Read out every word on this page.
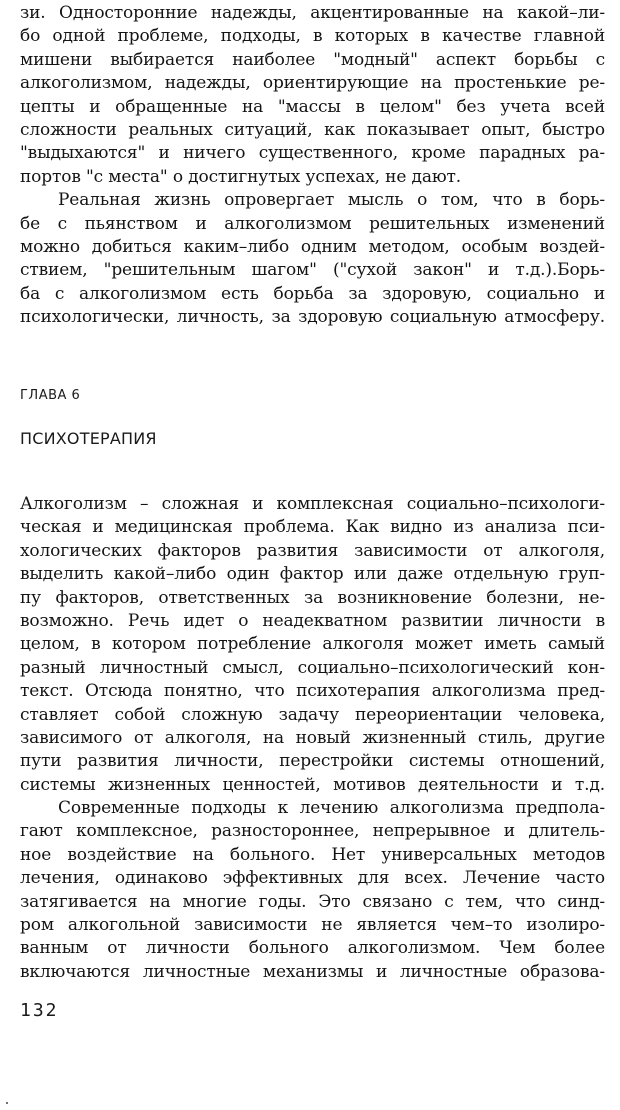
зи. Односторонние надежды, акцентированные на какой–ли-
бо одной проблеме, подходы, в которых в качестве главной
мишени выбирается наиболее "модный" аспект борьбы с
алкоголизмом, надежды, ориентирующие на простенькие ре-
цепты и обращенные на "массы в целом" без учета всей
сложности реальных ситуаций, как показывает опыт, быстро
"выдыхаются" и ничего существенного, кроме парадных ра-
портов "с места" о достигнутых успехах, не дают.
Реальная жизнь опровергает мысль о том, что в борь-
бе с пьянством и алкоголизмом решительных изменений
можно добиться каким–либо одним методом, особым воздей-
ствием, "решительным шагом" ("сухой закон" и т.д.).Борь-
ба с алкоголизмом есть борьба за здоровую, социально и
психологически, личность, за здоровую социальную атмосферу.
ГЛАВА 6
ПСИХОТЕРАПИЯ
Алкоголизм – сложная и комплексная социально–психологи-
ческая и медицинская проблема. Как видно из анализа пси-
хологических факторов развития зависимости от алкоголя,
выделить какой–либо один фактор или даже отдельную груп-
пу факторов, ответственных за возникновение болезни, не-
возможно. Речь идет о неадекватном развитии личности в
целом, в котором потребление алкоголя может иметь самый
разный личностный смысл, социально–психологический кон-
текст. Отсюда понятно, что психотерапия алкоголизма пред-
ставляет собой сложную задачу переориентации человека,
зависимого от алкоголя, на новый жизненный стиль, другие
пути развития личности, перестройки системы отношений,
системы жизненных ценностей, мотивов деятельности и т.д.
Современные подходы к лечению алкоголизма предпола-
гают комплексное, разностороннее, непрерывное и длитель-
ное воздействие на больного. Нет универсальных методов
лечения, одинаково эффективных для всех. Лечение часто
затягивается на многие годы. Это связано с тем, что синд-
ром алкогольной зависимости не является чем–то изолиро-
ванным от личности больного алкоголизмом. Чем более
включаются личностные механизмы и личностные образова-
132
